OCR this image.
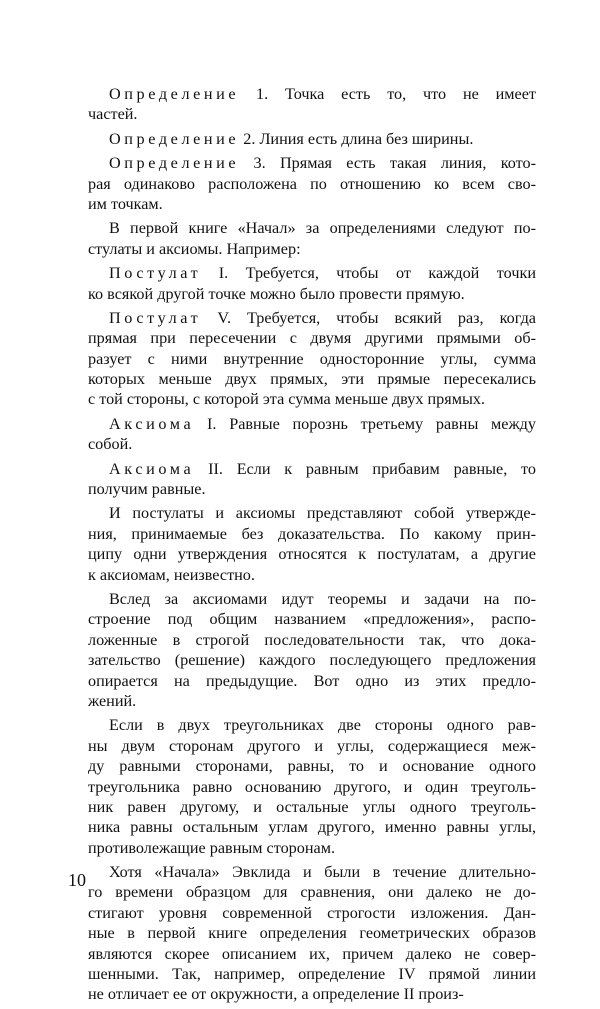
Определение 1. Точка есть то, что не имеет
частей.
Определение 2. Линия есть длина без ширины.
Определение 3. Прямая есть такая линия, кото-
рая одинаково расположена по отношению ко всем сво-
им точкам.
В первой книге «Начал» за определениями следуют по-
стулаты и аксиомы. Например:
Постулат I. Требуется, чтобы от каждой точки
ко всякой другой точке можно было провести прямую.
Постулат V. Требуется, чтобы всякий раз, когда
прямая при пересечении с двумя другими прямыми об-
разует с ними внутренние односторонние углы, сумма
которых меньше двух прямых, эти прямые пересекались
с той стороны, с которой эта сумма меньше двух прямых.
Аксиома I. Равные порознь третьему равны между
собой.
Аксиома II. Если к равным прибавим равные, то
получим равные.
И постулаты и аксиомы представляют собой утвержде-
ния, принимаемые без доказательства. По какому прин-
ципу одни утверждения относятся к постулатам, а другие
к аксиомам, неизвестно.
Вслед за аксиомами идут теоремы и задачи на по-
строение под общим названием «предложения», распо-
ложенные в строгой последовательности так, что дока-
зательство (решение) каждого последующего предложения
опирается на предыдущие. Вот одно из этих предло-
жений.
Если в двух треугольниках две стороны одного рав-
ны двум сторонам другого и углы, содержащиеся меж-
ду равными сторонами, равны, то и основание одного
треугольника равно основанию другого, и один треуголь-
ник равен другому, и остальные углы одного треуголь-
ника равны остальным углам другого, именно равны углы,
противолежащие равным сторонам.
Хотя «Начала» Эвклида и были в течение длительно-
го времени образцом для сравнения, они далеко не до-
стигают уровня современной строгости изложения. Дан-
ные в первой книге определения геометрических образов
являются скорее описанием их, причем далеко не совер-
шенными. Так, например, определение IV прямой линии
не отличает ее от окружности, а определение II произ-
10
